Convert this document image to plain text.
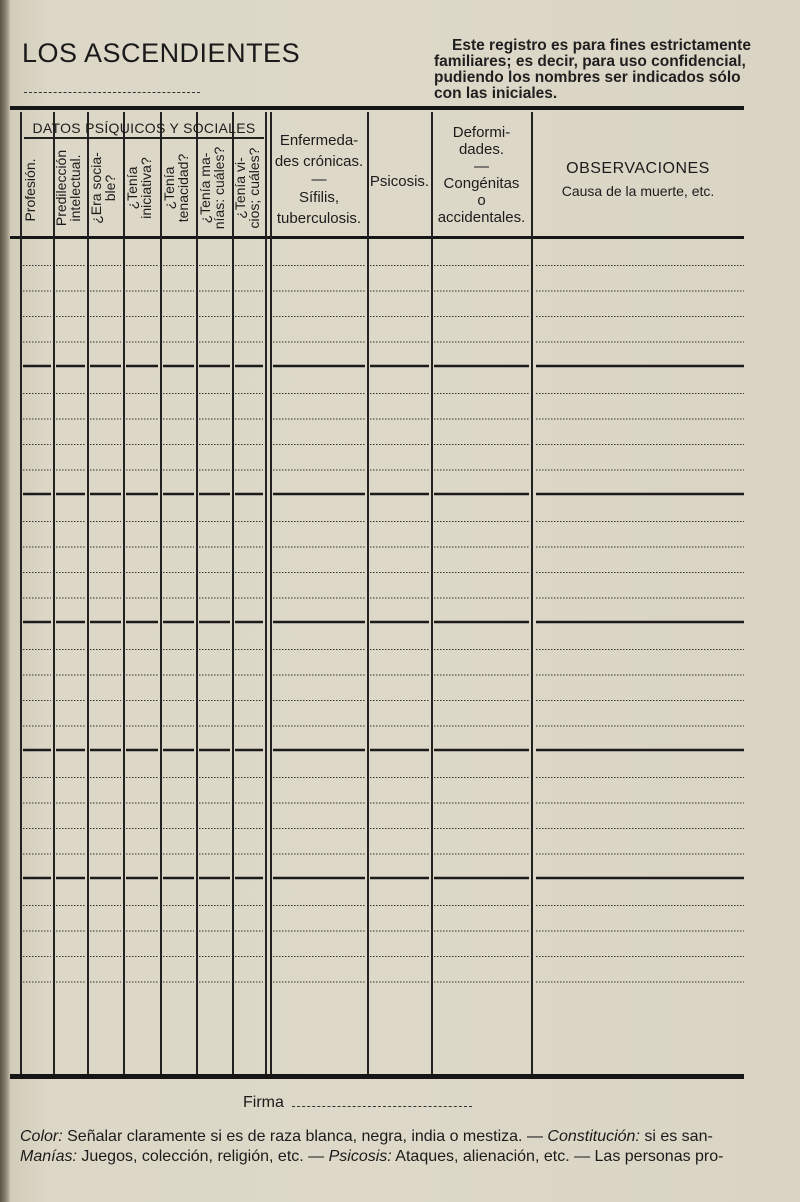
LOS ASCENDIENTES	Este registro es para fines estrictamente
familiares; es decir, para uso confidencial,
pudiendo los nombres ser indicados sólo
con las iniciales.
DATOS PSÍQUICOS Y SOCIALES
Profesión. Predilección
intelectual. ¿Era socia-
ble? ¿Tenía
iniciativa? ¿Tenía
tenacidad? ¿Tenía ma-
nías: cuáles? ¿Tenía vi-
cios; cuáles?
Enfermeda-
des crónicas.
—
Sífilis,
tuberculosis.
Psicosis.
Deformi-
dades.
—
Congénitas
o
accidentales.
OBSERVACIONES
Causa de la muerte, etc.
Firma
Color: Señalar claramente si es de raza blanca, negra, india o mestiza. — Constitución: si es san-
Manías: Juegos, colección, religión, etc. — Psicosis: Ataques, alienación, etc. — Las personas pro-
